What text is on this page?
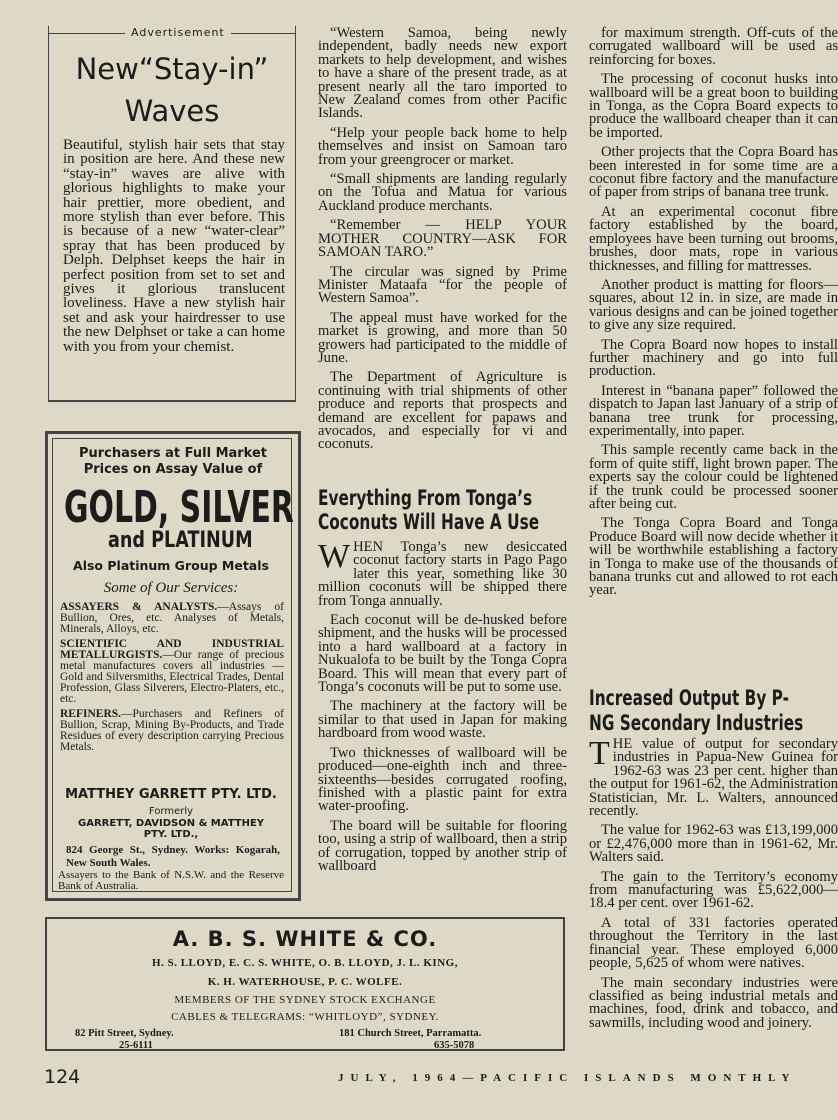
Advertisement
New“Stay-in”
Waves

Beautiful, stylish hair sets that stay in position are here. And these new “stay-in” waves are alive with glorious highlights to make your hair prettier, more obedient, and more stylish than ever before. This is because of a new “water-clear” spray that has been produced by Delph. Delphset keeps the hair in perfect position from set to set and gives it glorious translucent loveliness. Have a new stylish hair set and ask your hairdresser to use the new Delphset or take a can home with you from your chemist.

Purchasers at Full Market Prices on Assay Value of
GOLD, SILVER
and PLATINUM
Also Platinum Group Metals
Some of Our Services:

ASSAYERS & ANALYSTS.—Assays of Bullion, Ores, etc. Analyses of Metals, Minerals, Alloys, etc.

SCIENTIFIC AND INDUSTRIAL METALLURGISTS.—Our range of precious metal manufactures covers all industries — Gold and Silversmiths, Electrical Trades, Dental Profession, Glass Silverers, Electro-Platers, etc., etc.

REFINERS.—Purchasers and Refiners of Bullion, Scrap, Mining By-Products, and Trade Residues of every description carrying Precious Metals.

MATTHEY GARRETT PTY. LTD.
Formerly
GARRETT, DAVIDSON & MATTHEY PTY. LTD.,
824 George St., Sydney. Works: Kogarah, New South Wales.
Assayers to the Bank of N.S.W. and the Reserve Bank of Australia.
A. B. S. WHITE & CO.
H. S. LLOYD, E. C. S. WHITE, O. B. LLOYD, J. L. KING,
K. H. WATERHOUSE, P. C. WOLFE.
MEMBERS OF THE SYDNEY STOCK EXCHANGE
CABLES & TELEGRAMS: “WHITLOYD”, SYDNEY.
82 Pitt Street, Sydney.
25-6111
181 Church Street, Parramatta.
635-5078

“Western Samoa, being newly independent, badly needs new export markets to help development, and wishes to have a share of the present trade, as at present nearly all the taro imported to New Zealand comes from other Pacific Islands.

“Help your people back home to help themselves and insist on Samoan taro from your greengrocer or market.

“Small shipments are landing regularly on the Tofua and Matua for various Auckland produce merchants.

“Remember — HELP YOUR MOTHER COUNTRY—ASK FOR SAMOAN TARO.”

The circular was signed by Prime Minister Mataafa “for the people of Western Samoa”.

The appeal must have worked for the market is growing, and more than 50 growers had participated to the middle of June.

The Department of Agriculture is continuing with trial shipments of other produce and reports that prospects and demand are excellent for papaws and avocados, and especially for vi and coconuts.

Everything From Tonga’s Coconuts Will Have A Use

WHEN Tonga’s new desiccated coconut factory starts in Pago Pago later this year, something like 30 million coconuts will be shipped there from Tonga annually.

Each coconut will be de-husked before shipment, and the husks will be processed into a hard wallboard at a factory in Nukualofa to be built by the Tonga Copra Board. This will mean that every part of Tonga’s coconuts will be put to some use.

The machinery at the factory will be similar to that used in Japan for making hardboard from wood waste.

Two thicknesses of wallboard will be produced—one-eighth inch and three-sixteenths—besides corrugated roofing, finished with a plastic paint for extra water-proofing.

The board will be suitable for flooring too, using a strip of wallboard, then a strip of corrugation, topped by another strip of wallboard

for maximum strength. Off-cuts of the corrugated wallboard will be used as reinforcing for boxes.

The processing of coconut husks into wallboard will be a great boon to building in Tonga, as the Copra Board expects to produce the wallboard cheaper than it can be imported.

Other projects that the Copra Board has been interested in for some time are a coconut fibre factory and the manufacture of paper from strips of banana tree trunk.

At an experimental coconut fibre factory established by the board, employees have been turning out brooms, brushes, door mats, rope in various thicknesses, and filling for mattresses.

Another product is matting for floors—squares, about 12 in. in size, are made in various designs and can be joined together to give any size required.

The Copra Board now hopes to install further machinery and go into full production.

Interest in “banana paper” followed the dispatch to Japan last January of a strip of banana tree trunk for processing, experimentally, into paper.

This sample recently came back in the form of quite stiff, light brown paper. The experts say the colour could be lightened if the trunk could be processed sooner after being cut.

The Tonga Copra Board and Tonga Produce Board will now decide whether it will be worthwhile establishing a factory in Tonga to make use of the thousands of banana trunks cut and allowed to rot each year.

Increased Output By P-NG Secondary Industries

THE value of output for secondary industries in Papua-New Guinea for 1962-63 was 23 per cent. higher than the output for 1961-62, the Administration Statistician, Mr. L. Walters, announced recently.

The value for 1962-63 was £13,199,000 or £2,476,000 more than in 1961-62, Mr. Walters said.

The gain to the Territory’s economy from manufacturing was £5,622,000—18.4 per cent. over 1961-62.

A total of 331 factories operated throughout the Territory in the last financial year. These employed 6,000 people, 5,625 of whom were natives.

The main secondary industries were classified as being industrial metals and machines, food, drink and tobacco, and sawmills, including wood and joinery.

124	JULY, 1964—PACIFIC ISLANDS MONTHLY
